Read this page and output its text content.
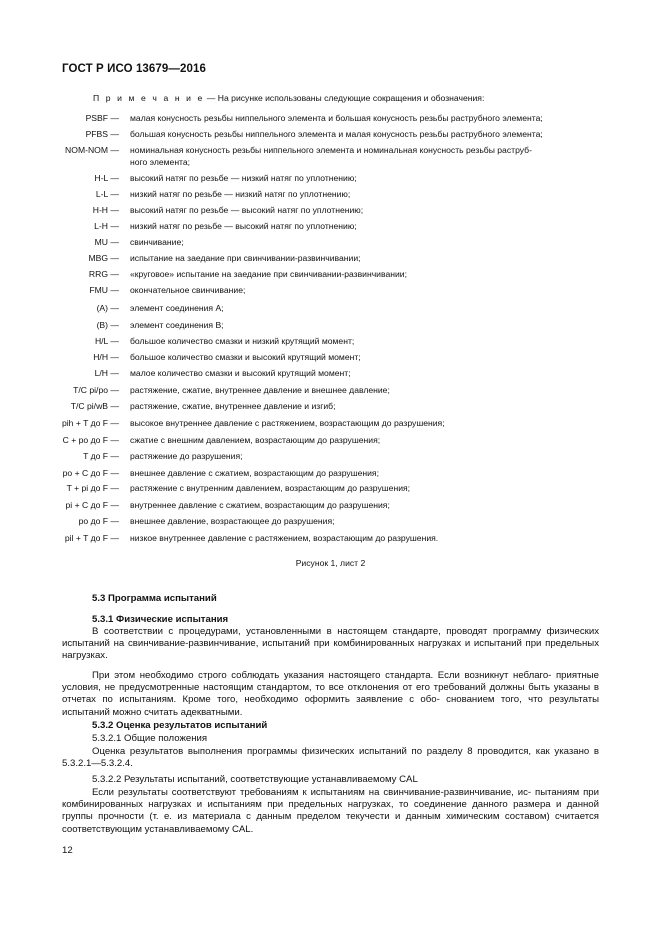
ГОСТ Р ИСО 13679—2016
П р и м е ч а н и е — На рисунке использованы следующие сокращения и обозначения:
PSBF — малая конусность резьбы ниппельного элемента и большая конусность резьбы раструбного элемента;
PFBS — большая конусность резьбы ниппельного элемента и малая конусность резьбы раструбного элемента;
NOM-NOM — номинальная конусность резьбы ниппельного элемента и номинальная конусность резьбы раструб-
ного элемента;
H-L — высокий натяг по резьбе — низкий натяг по уплотнению;
L-L — низкий натяг по резьбе — низкий натяг по уплотнению;
H-H — высокий натяг по резьбе — высокий натяг по уплотнению;
L-H — низкий натяг по резьбе — высокий натяг по уплотнению;
MU — свинчивание;
MBG — испытание на заедание при свинчивании-развинчивании;
RRG — «круговое» испытание на заедание при свинчивании-развинчивании;
FMU — окончательное свинчивание;
(A) — элемент соединения А;
(B) — элемент соединения В;
H/L — большое количество смазки и низкий крутящий момент;
H/H — большое количество смазки и высокий крутящий момент;
L/H — малое количество смазки и высокий крутящий момент;
T/C pi/po — растяжение, сжатие, внутреннее давление и внешнее давление;
T/C pi/wB — растяжение, сжатие, внутреннее давление и изгиб;
pih + T до F — высокое внутреннее давление с растяжением, возрастающим до разрушения;
C + po до F — сжатие с внешним давлением, возрастающим до разрушения;
T до F — растяжение до разрушения;
po + C до F — внешнее давление с сжатием, возрастающим до разрушения;
T + pi до F — растяжение с внутренним давлением, возрастающим до разрушения;
pi + C до F — внутреннее давление с сжатием, возрастающим до разрушения;
po до F — внешнее давление, возрастающее до разрушения;
pil + T до F — низкое внутреннее давление с растяжением, возрастающим до разрушения.
Рисунок 1, лист 2
5.3 Программа испытаний
5.3.1 Физические испытания
В соответствии с процедурами, установленными в настоящем стандарте, проводят программу физических испытаний на свинчивание-развинчивание, испытаний при комбинированных нагрузках и испытаний при предельных нагрузках.
При этом необходимо строго соблюдать указания настоящего стандарта. Если возникнут неблаго- приятные условия, не предусмотренные настоящим стандартом, то все отклонения от его требований должны быть указаны в отчетах по испытаниям. Кроме того, необходимо оформить заявление с обо- снованием того, что результаты испытаний можно считать адекватными.
5.3.2 Оценка результатов испытаний
5.3.2.1 Общие положения
Оценка результатов выполнения программы физических испытаний по разделу 8 проводится, как указано в 5.3.2.1—5.3.2.4.
5.3.2.2 Результаты испытаний, соответствующие устанавливаемому CAL
Если результаты соответствуют требованиям к испытаниям на свинчивание-развинчивание, ис- пытаниям при комбинированных нагрузках и испытаниям при предельных нагрузках, то соединение данного размера и данной группы прочности (т. е. из материала с данным пределом текучести и данным химическим составом) считается соответствующим устанавливаемому CAL.
12
